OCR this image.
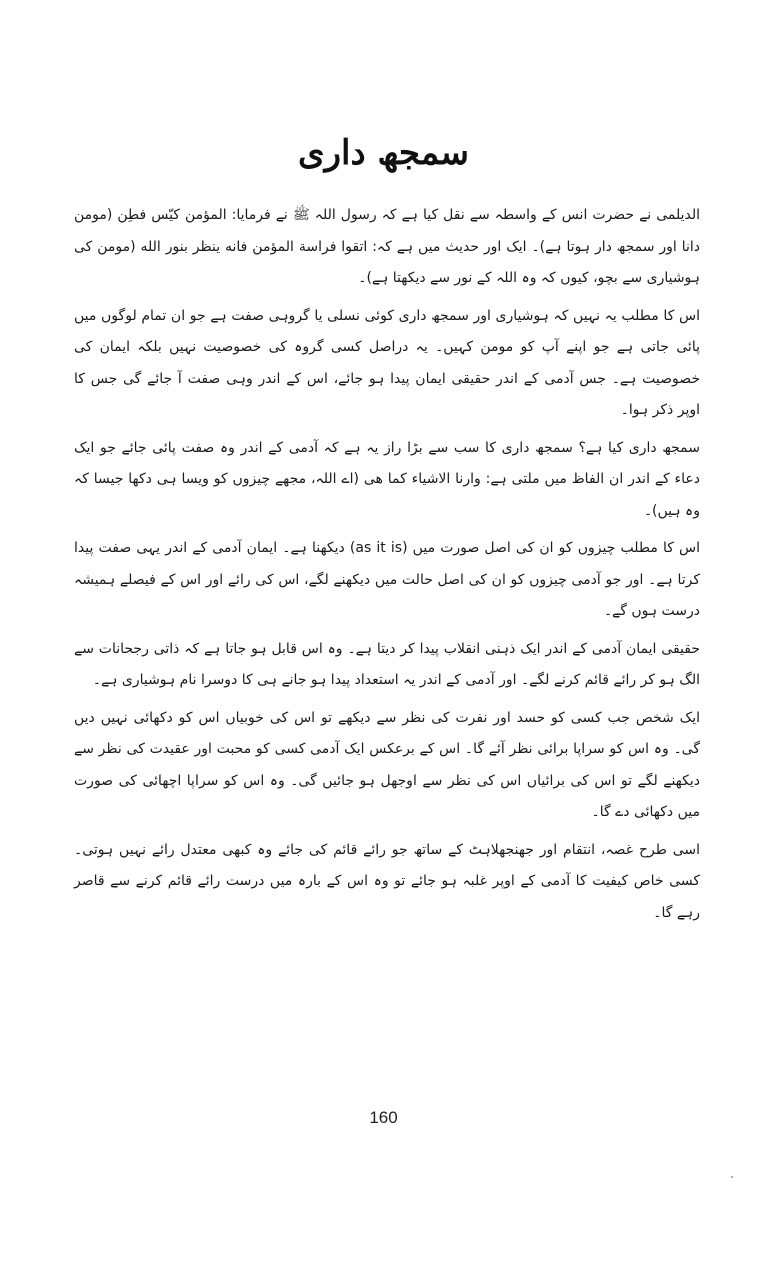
سمجھ داری

الدیلمی نے حضرت انس کے واسطہ سے نقل کیا ہے کہ رسول اللہ ﷺ نے فرمایا: المؤمن کیّس فطِن (مومن دانا اور سمجھ دار ہوتا ہے)۔ ایک اور حدیث میں ہے کہ: اتقوا فراسة المؤمن فانه ینظر بنور الله (مومن کی ہوشیاری سے بچو، کیوں کہ وہ اللہ کے نور سے دیکھتا ہے)۔

اس کا مطلب یہ نہیں کہ ہوشیاری اور سمجھ داری کوئی نسلی یا گروہی صفت ہے جو ان تمام لوگوں میں پائی جاتی ہے جو اپنے آپ کو مومن کہیں۔ یہ دراصل کسی گروہ کی خصوصیت نہیں بلکہ ایمان کی خصوصیت ہے۔ جس آدمی کے اندر حقیقی ایمان پیدا ہو جائے، اس کے اندر وہی صفت آ جائے گی جس کا اوپر ذکر ہوا۔

سمجھ داری کیا ہے؟ سمجھ داری کا سب سے بڑا راز یہ ہے کہ آدمی کے اندر وہ صفت پائی جائے جو ایک دعاء کے اندر ان الفاظ میں ملتی ہے: وارنا الاشیاء کما ھی (اے اللہ، مجھے چیزوں کو ویسا ہی دکھا جیسا کہ وہ ہیں)۔

اس کا مطلب چیزوں کو ان کی اصل صورت میں (as it is) دیکھنا ہے۔ ایمان آدمی کے اندر یہی صفت پیدا کرتا ہے۔ اور جو آدمی چیزوں کو ان کی اصل حالت میں دیکھنے لگے، اس کی رائے اور اس کے فیصلے ہمیشہ درست ہوں گے۔

حقیقی ایمان آدمی کے اندر ایک ذہنی انقلاب پیدا کر دیتا ہے۔ وہ اس قابل ہو جاتا ہے کہ ذاتی رجحانات سے الگ ہو کر رائے قائم کرنے لگے۔ اور آدمی کے اندر یہ استعداد پیدا ہو جانے ہی کا دوسرا نام ہوشیاری ہے۔

ایک شخص جب کسی کو حسد اور نفرت کی نظر سے دیکھے تو اس کی خوبیاں اس کو دکھائی نہیں دیں گی۔ وہ اس کو سراپا برائی نظر آئے گا۔ اس کے برعکس ایک آدمی کسی کو محبت اور عقیدت کی نظر سے دیکھنے لگے تو اس کی برائیاں اس کی نظر سے اوجھل ہو جائیں گی۔ وہ اس کو سراپا اچھائی کی صورت میں دکھائی دے گا۔

اسی طرح غصہ، انتقام اور جھنجھلاہٹ کے ساتھ جو رائے قائم کی جائے وہ کبھی معتدل رائے نہیں ہوتی۔ کسی خاص کیفیت کا آدمی کے اوپر غلبہ ہو جائے تو وہ اس کے بارہ میں درست رائے قائم کرنے سے قاصر رہے گا۔

160
